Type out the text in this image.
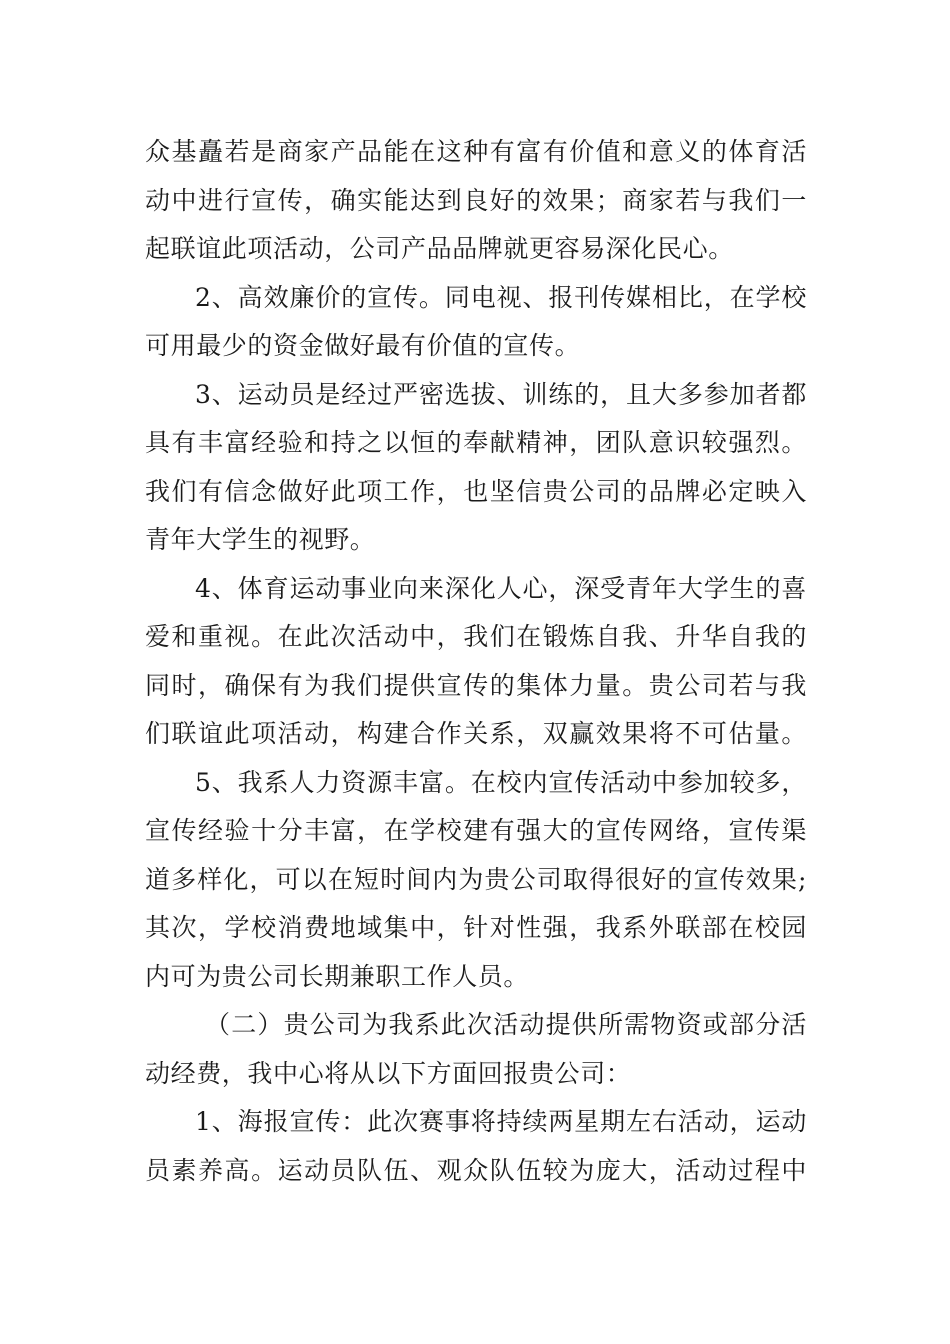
众基矗若是商家产品能在这种有富有价值和意义的体育活
动中进行宣传，确实能达到良好的效果；商家若与我们一
起联谊此项活动，公司产品品牌就更容易深化民心。
2、高效廉价的宣传。同电视、报刊传媒相比，在学校
可用最少的资金做好最有价值的宣传。
3、运动员是经过严密选拔、训练的，且大多参加者都
具有丰富经验和持之以恒的奉献精神，团队意识较强烈。
我们有信念做好此项工作，也坚信贵公司的品牌必定映入
青年大学生的视野。
4、体育运动事业向来深化人心，深受青年大学生的喜
爱和重视。在此次活动中，我们在锻炼自我、升华自我的
同时，确保有为我们提供宣传的集体力量。贵公司若与我
们联谊此项活动，构建合作关系，双赢效果将不可估量。
5、我系人力资源丰富。在校内宣传活动中参加较多，
宣传经验十分丰富，在学校建有强大的宣传网络，宣传渠
道多样化，可以在短时间内为贵公司取得很好的宣传效果;
其次，学校消费地域集中，针对性强，我系外联部在校园
内可为贵公司长期兼职工作人员。
（二）贵公司为我系此次活动提供所需物资或部分活
动经费，我中心将从以下方面回报贵公司：
1、海报宣传：此次赛事将持续两星期左右活动，运动
员素养高。运动员队伍、观众队伍较为庞大，活动过程中
